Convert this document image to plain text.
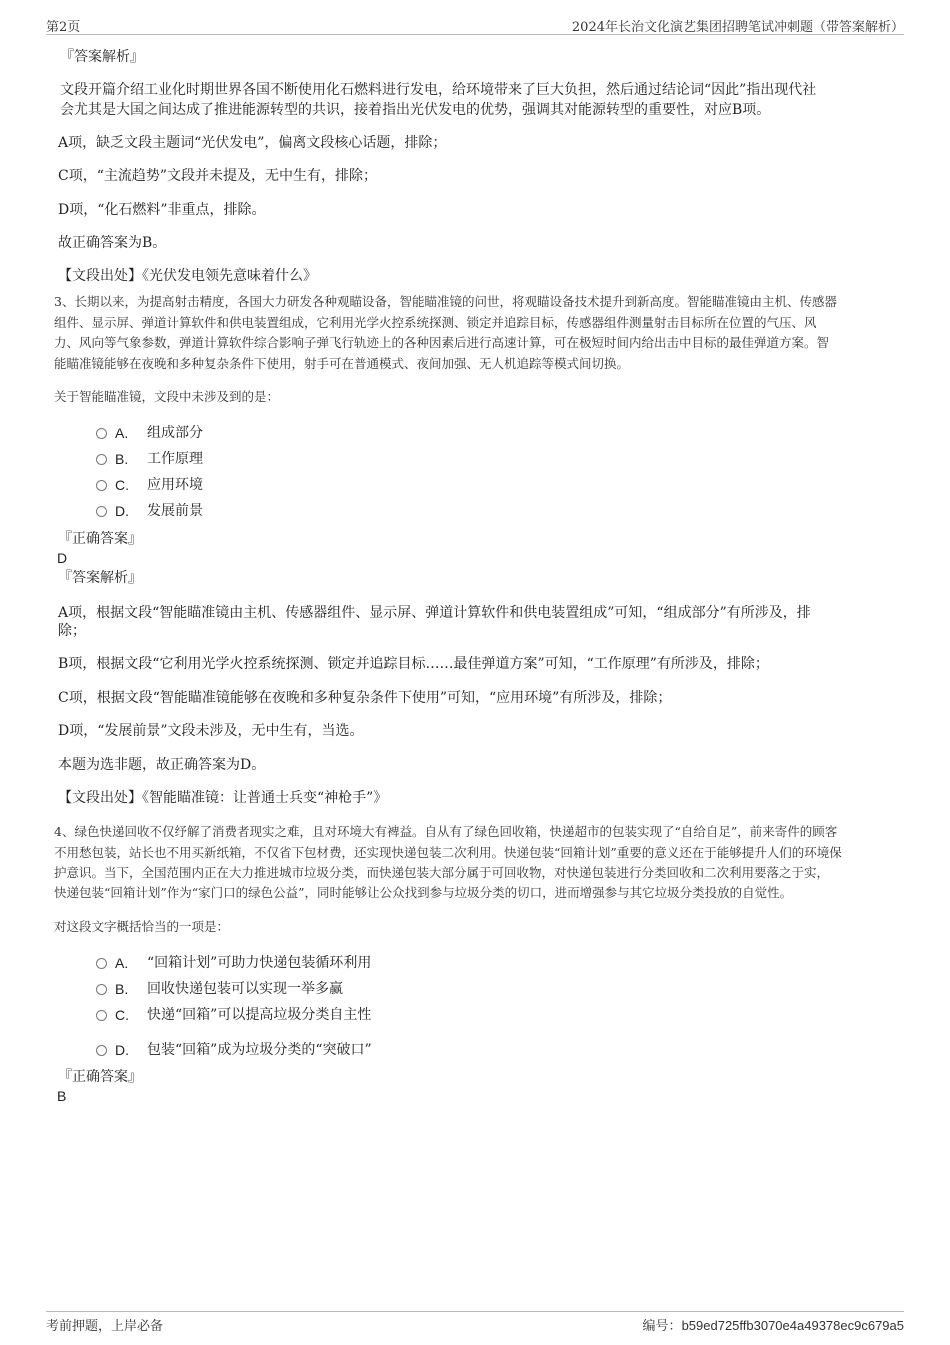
第2页	2024年长治文化演艺集团招聘笔试冲刺题（带答案解析）
『答案解析』
文段开篇介绍工业化时期世界各国不断使用化石燃料进行发电，给环境带来了巨大负担，然后通过结论词“因此”指出现代社
会尤其是大国之间达成了推进能源转型的共识，接着指出光伏发电的优势，强调其对能源转型的重要性，对应B项。
A项，缺乏文段主题词“光伏发电”，偏离文段核心话题，排除；
C项，“主流趋势”文段并未提及，无中生有，排除；
D项，“化石燃料”非重点，排除。
故正确答案为B。
【文段出处】《光伏发电领先意味着什么》
3、长期以来，为提高射击精度，各国大力研发各种观瞄设备，智能瞄准镜的问世，将观瞄设备技术提升到新高度。智能瞄准镜由主机、传感器
组件、显示屏、弹道计算软件和供电装置组成，它利用光学火控系统探测、锁定并追踪目标，传感器组件测量射击目标所在位置的气压、风
力、风向等气象参数，弹道计算软件综合影响子弹飞行轨迹上的各种因素后进行高速计算，可在极短时间内给出击中目标的最佳弹道方案。智
能瞄准镜能够在夜晚和多种复杂条件下使用，射手可在普通模式、夜间加强、无人机追踪等模式间切换。
关于智能瞄准镜，文段中未涉及到的是：
A.	组成部分
B.	工作原理
C.	应用环境
D.	发展前景
『正确答案』
D
『答案解析』
A项，根据文段“智能瞄准镜由主机、传感器组件、显示屏、弹道计算软件和供电装置组成”可知，“组成部分”有所涉及，排
除；
B项，根据文段“它利用光学火控系统探测、锁定并追踪目标……最佳弹道方案”可知，“工作原理”有所涉及，排除；
C项，根据文段“智能瞄准镜能够在夜晚和多种复杂条件下使用”可知，“应用环境”有所涉及，排除；
D项，“发展前景”文段未涉及，无中生有，当选。
本题为选非题，故正确答案为D。
【文段出处】《智能瞄准镜：让普通士兵变“神枪手”》
4、绿色快递回收不仅纾解了消费者现实之难，且对环境大有裨益。自从有了绿色回收箱，快递超市的包装实现了“自给自足”，前来寄件的顾客
不用愁包装，站长也不用买新纸箱，不仅省下包材费，还实现快递包装二次利用。快递包装“回箱计划”重要的意义还在于能够提升人们的环境保
护意识。当下，全国范围内正在大力推进城市垃圾分类，而快递包装大部分属于可回收物，对快递包装进行分类回收和二次利用要落之于实，
快递包装“回箱计划”作为“家门口的绿色公益”，同时能够让公众找到参与垃圾分类的切口，进而增强参与其它垃圾分类投放的自觉性。
对这段文字概括恰当的一项是：
A.	“回箱计划”可助力快递包装循环利用
B.	回收快递包装可以实现一举多赢
C.	快递“回箱”可以提高垃圾分类自主性
D.	包装“回箱”成为垃圾分类的“突破口”
『正确答案』
B
考前押题，上岸必备	编号：b59ed725ffb3070e4a49378ec9c679a5
